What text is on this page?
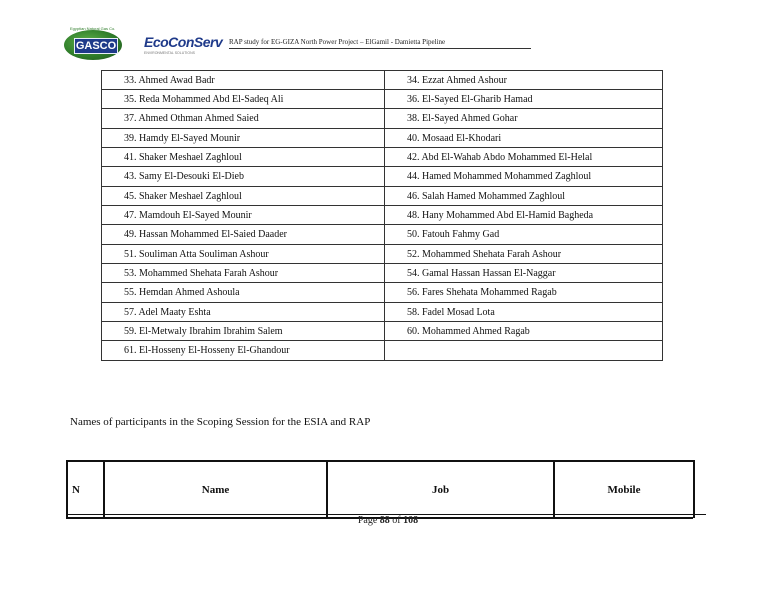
Egyptian Natural Gas Co.
GASCO EcoConServ
ENVIRONMENTAL SOLUTIONS
RAP study for EG-GIZA North Power Project – ElGamil - Damietta Pipeline
33. Ahmed Awad Badr	34. Ezzat Ahmed Ashour
35. Reda Mohammed Abd El-Sadeq Ali	36. El-Sayed El-Gharib Hamad
37. Ahmed Othman Ahmed Saied	38. El-Sayed Ahmed Gohar
39. Hamdy El-Sayed Mounir	40. Mosaad El-Khodari
41. Shaker Meshael Zaghloul	42. Abd El-Wahab Abdo Mohammed El-Helal
43. Samy El-Desouki El-Dieb	44. Hamed Mohammed Mohammed Zaghloul
45. Shaker Meshael Zaghloul	46. Salah Hamed Mohammed Zaghloul
47. Mamdouh El-Sayed Mounir	48. Hany Mohammed Abd El-Hamid Bagheda
49. Hassan Mohammed El-Saied Daader	50. Fatouh Fahmy Gad
51. Souliman Atta Souliman Ashour	52. Mohammed Shehata Farah Ashour
53. Mohammed Shehata Farah Ashour	54. Gamal Hassan Hassan El-Naggar
55. Hemdan Ahmed Ashoula	56. Fares Shehata Mohammed Ragab
57. Adel Maaty Eshta	58. Fadel Mosad Lota
59. El-Metwaly Ibrahim Ibrahim Salem	60. Mohammed Ahmed Ragab
61. El-Hosseny El-Hosseny El-Ghandour	
Names of participants in the Scoping Session for the ESIA and RAP
N	Name	Job	Mobile
Page 88 of 108
